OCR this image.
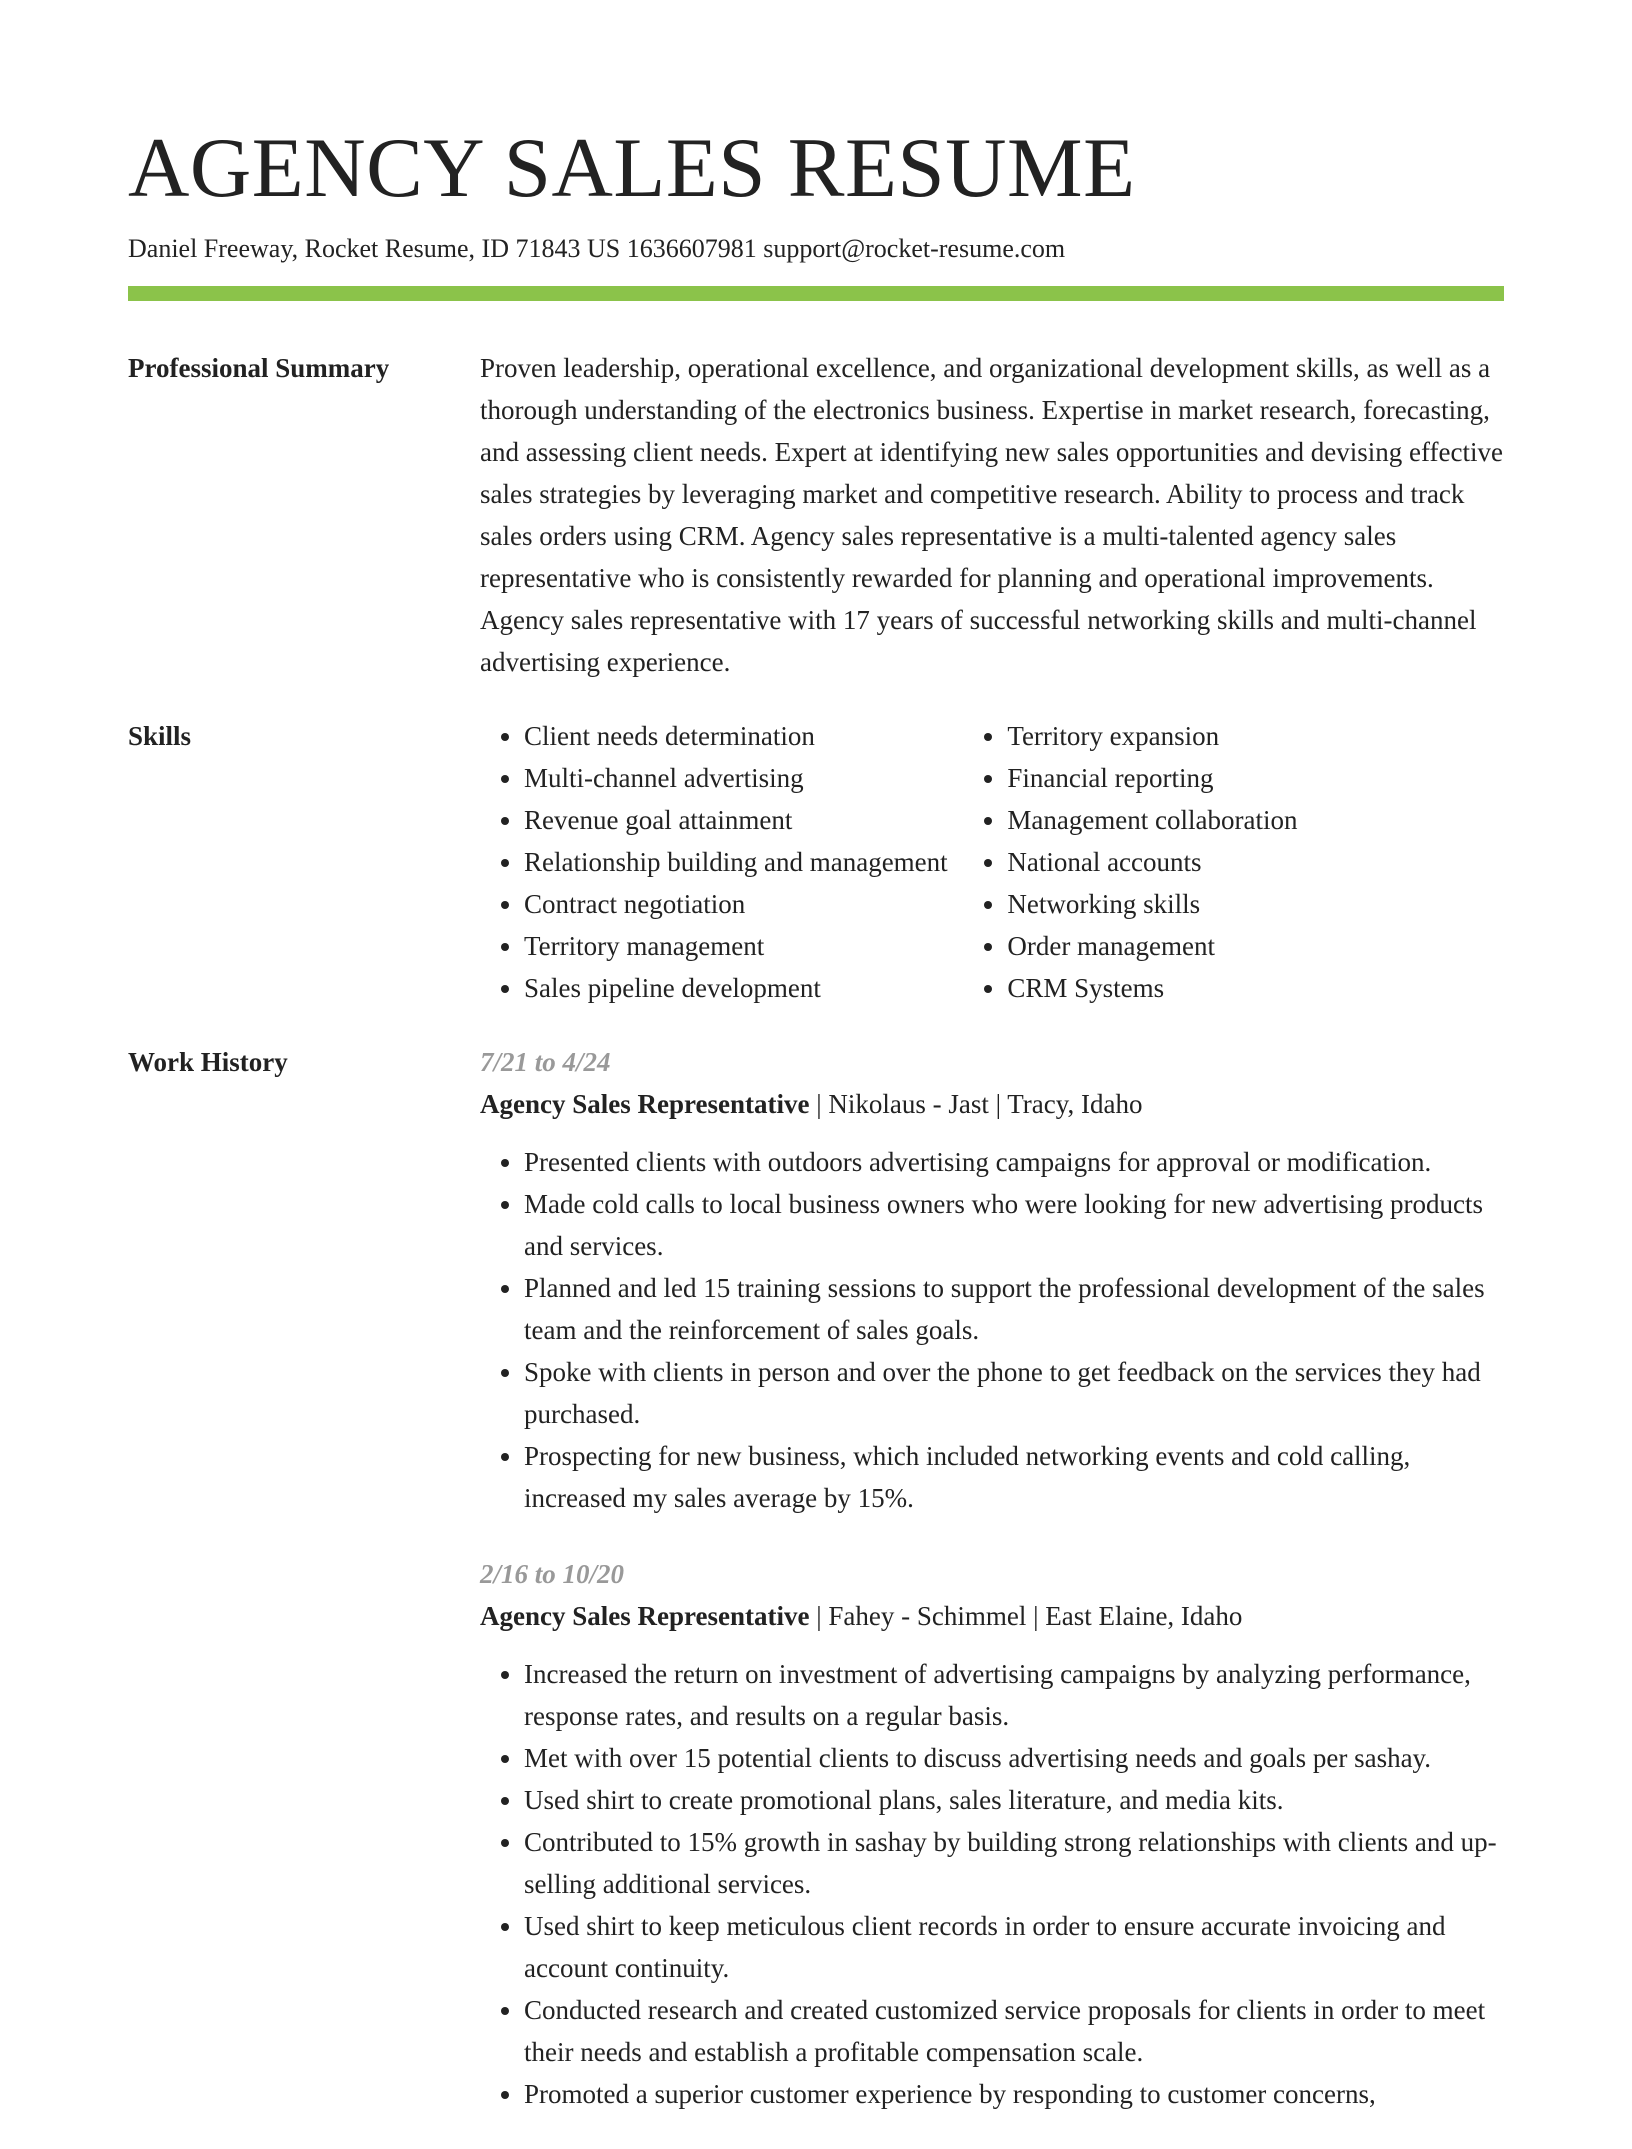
AGENCY SALES RESUME
Daniel Freeway, Rocket Resume, ID 71843 US 1636607981 support@rocket-resume.com
Professional Summary	Proven leadership, operational excellence, and organizational development skills, as well as a thorough understanding of the electronics business. Expertise in market research, forecasting, and assessing client needs. Expert at identifying new sales opportunities and devising effective sales strategies by leveraging market and competitive research. Ability to process and track sales orders using CRM. Agency sales representative is a multi-talented agency sales representative who is consistently rewarded for planning and operational improvements. Agency sales representative with 17 years of successful networking skills and multi-channel advertising experience.

Skills
•	Client needs determination
• Multi-channel advertising
• Revenue goal attainment
• Relationship building and management
• Contract negotiation
• Territory management
• Sales pipeline development
• Territory expansion
• Financial reporting
• Management collaboration
• National accounts
• Networking skills
• Order management
• CRM Systems
Work History	7/21 to 4/24

Agency Sales Representative | Nikolaus - Jast | Tracy, Idaho

• Presented clients with outdoors advertising campaigns for approval or modification.
• Made cold calls to local business owners who were looking for new advertising products and services.
• Planned and led 15 training sessions to support the professional development of the sales team and the reinforcement of sales goals.
• Spoke with clients in person and over the phone to get feedback on the services they had purchased.
• Prospecting for new business, which included networking events and cold calling, increased my sales average by 15%.

2/16 to 10/20

Agency Sales Representative | Fahey - Schimmel | East Elaine, Idaho

• Increased the return on investment of advertising campaigns by analyzing performance, response rates, and results on a regular basis.
• Met with over 15 potential clients to discuss advertising needs and goals per sashay.
• Used shirt to create promotional plans, sales literature, and media kits.
• Contributed to 15% growth in sashay by building strong relationships with clients and up-selling additional services.
• Used shirt to keep meticulous client records in order to ensure accurate invoicing and account continuity.
• Conducted research and created customized service proposals for clients in order to meet their needs and establish a profitable compensation scale.
• Promoted a superior customer experience by responding to customer concerns,
